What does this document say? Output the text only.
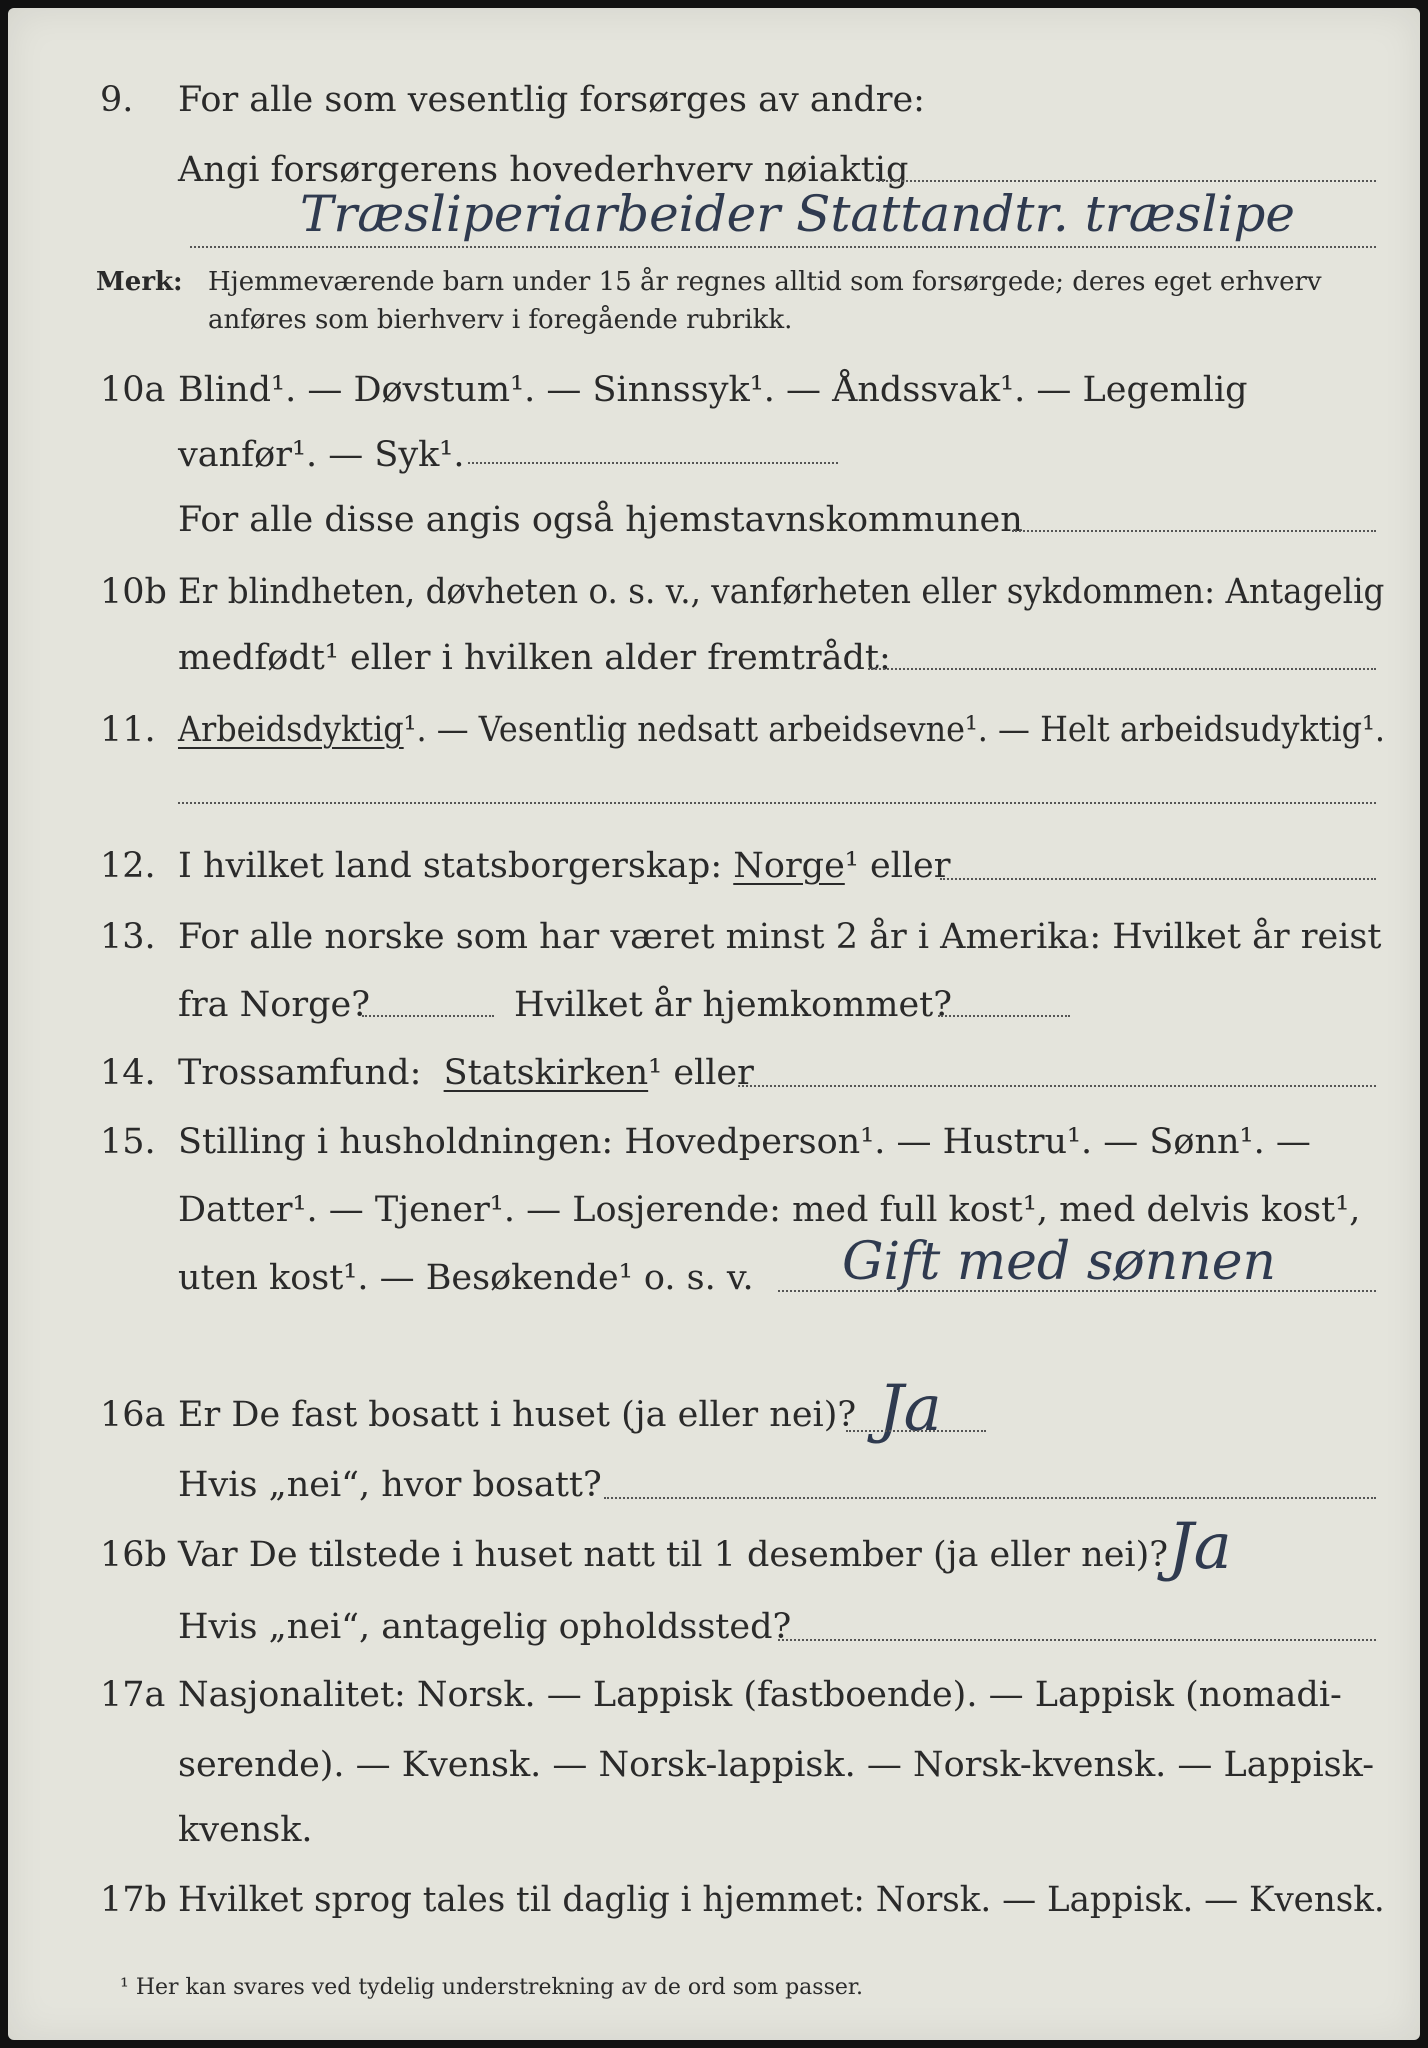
9. For alle som vesentlig forsørges av andre:
Angi forsørgerens hovederhverv nøiaktig
Træsliperiarbeider Stattandtr. træslipe
Merk: Hjemmeværende barn under 15 år regnes alltid som forsørgede; deres eget erhverv
anføres som bierhverv i foregående rubrikk.
10a Blind¹. — Døvstum¹. — Sinnssyk¹. — Åndssvak¹. — Legemlig
vanfør¹. — Syk¹.
For alle disse angis også hjemstavnskommunen
10b Er blindheten, døvheten o. s. v., vanførheten eller sykdommen: Antagelig
medfødt¹ eller i hvilken alder fremtrådt:
11. Arbeidsdyktig¹. — Vesentlig nedsatt arbeidsevne¹. — Helt arbeidsudyktig¹.
12. I hvilket land statsborgerskap: Norge¹ eller
13. For alle norske som har været minst 2 år i Amerika: Hvilket år reist
fra Norge?	Hvilket år hjemkommet?
14. Trossamfund: Statskirken¹ eller
15. Stilling i husholdningen: Hovedperson¹. — Hustru¹. — Sønn¹. —
Datter¹. — Tjener¹. — Losjerende: med full kost¹, med delvis kost¹,
uten kost¹. — Besøkende¹ o. s. v. Gift med sønnen
16a Er De fast bosatt i huset (ja eller nei)? Ja
Hvis „nei“, hvor bosatt?
16b Var De tilstede i huset natt til 1 desember (ja eller nei)? Ja
Hvis „nei“, antagelig opholdssted?
17a Nasjonalitet: Norsk. — Lappisk (fastboende). — Lappisk (nomadi-
serende). — Kvensk. — Norsk-lappisk. — Norsk-kvensk. — Lappisk-
kvensk.
17b Hvilket sprog tales til daglig i hjemmet: Norsk. — Lappisk. — Kvensk.
¹ Her kan svares ved tydelig understrekning av de ord som passer.
